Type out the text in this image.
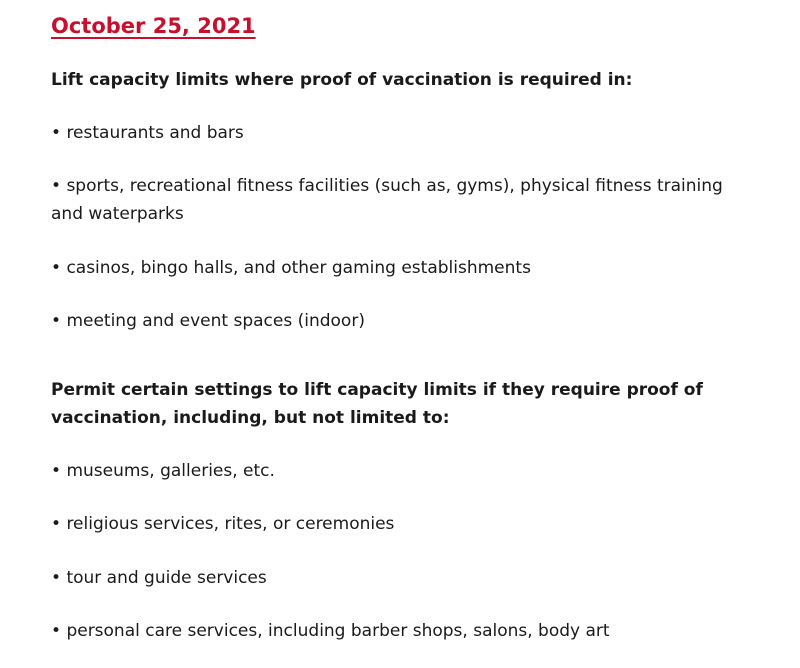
October 25, 2021
Lift capacity limits where proof of vaccination is required in:
• restaurants and bars
• sports, recreational fitness facilities (such as, gyms), physical fitness training and waterparks
• casinos, bingo halls, and other gaming establishments
• meeting and event spaces (indoor)
Permit certain settings to lift capacity limits if they require proof of vaccination, including, but not limited to:
• museums, galleries, etc.
• religious services, rites, or ceremonies
• tour and guide services
• personal care services, including barber shops, salons, body art
